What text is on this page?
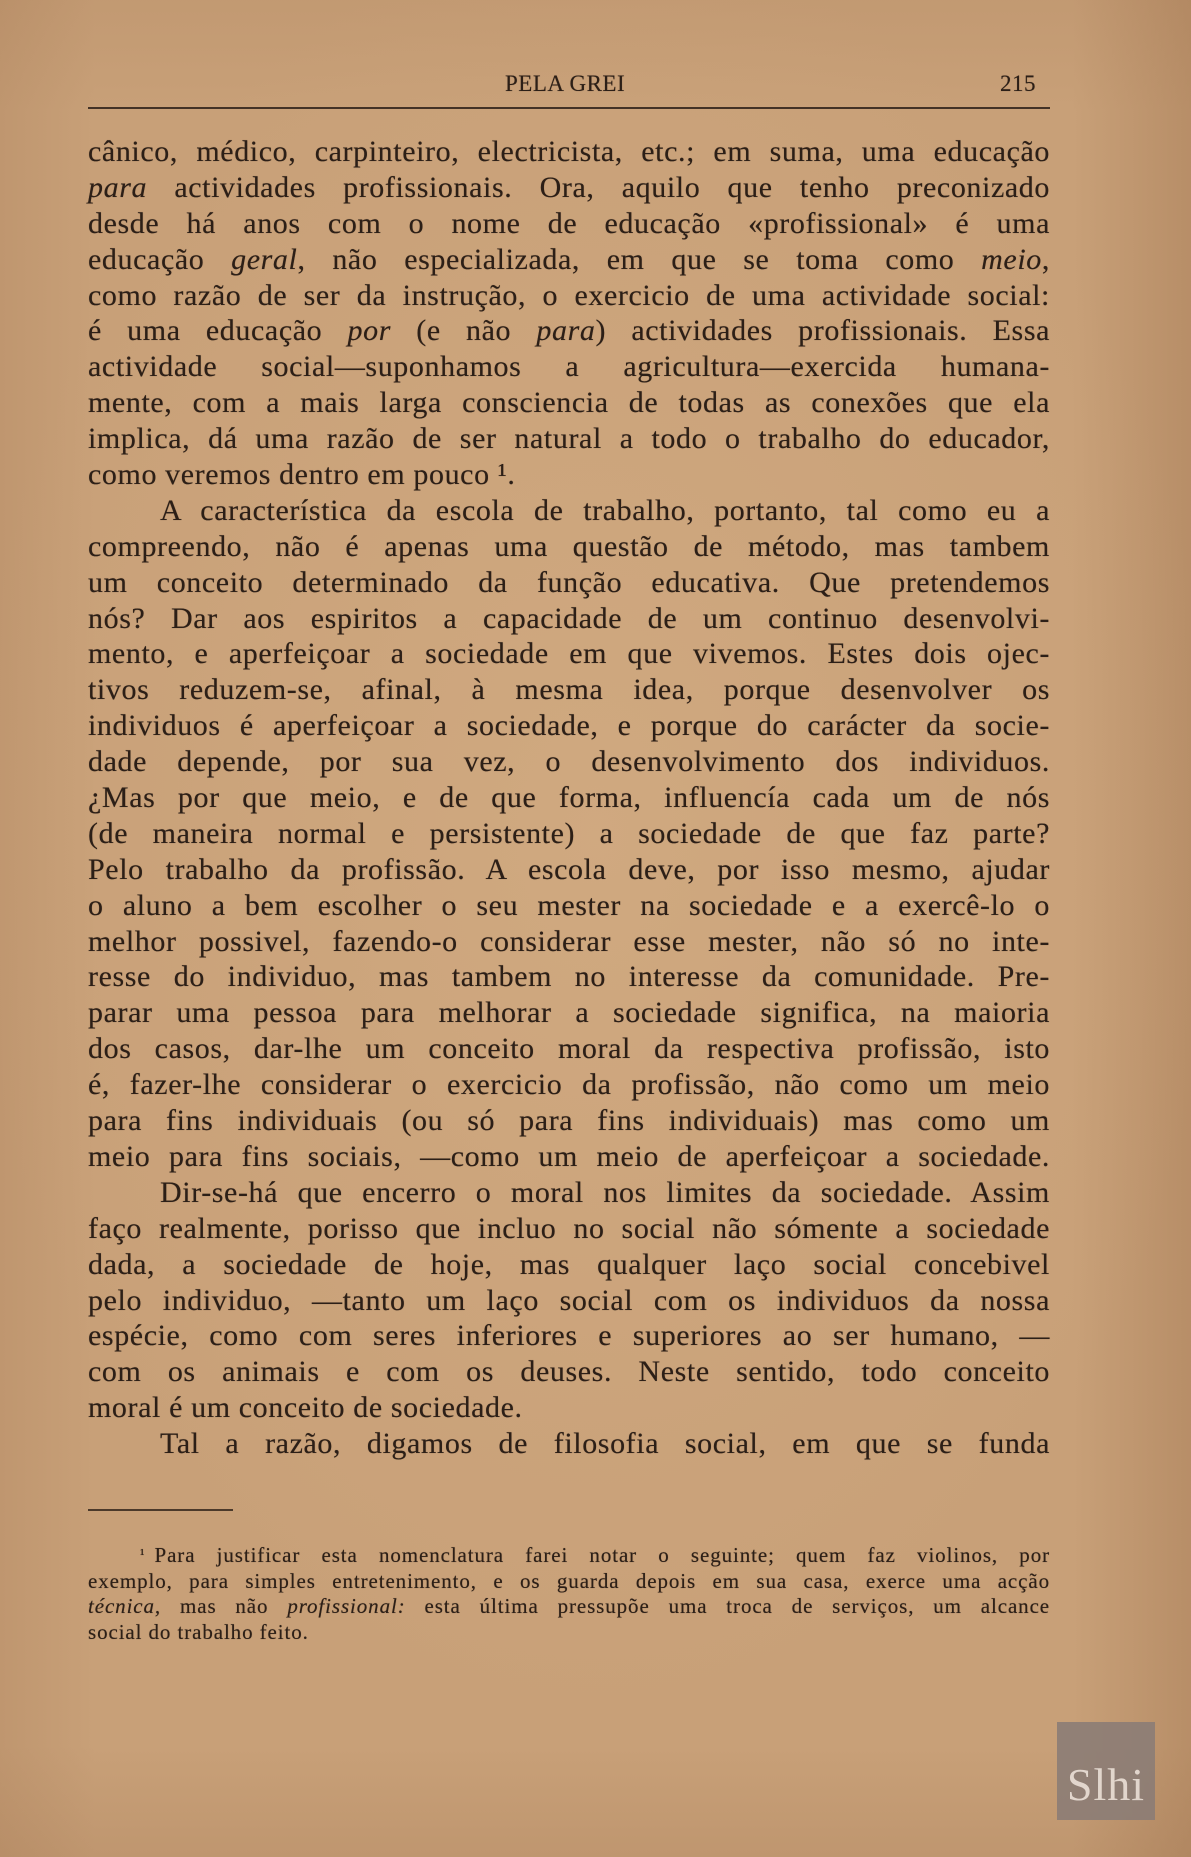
PELA GREI	215
cânico, médico, carpinteiro, electricista, etc.; em suma, uma educação
para actividades profissionais. Ora, aquilo que tenho preconizado
desde há anos com o nome de educação «profissional» é uma
educação geral, não especializada, em que se toma como meio,
como razão de ser da instrução, o exercicio de uma actividade social:
é uma educação por (e não para) actividades profissionais. Essa
actividade social—suponhamos a agricultura—exercida humana-
mente, com a mais larga consciencia de todas as conexões que ela
implica, dá uma razão de ser natural a todo o trabalho do educador,
como veremos dentro em pouco ¹.
A característica da escola de trabalho, portanto, tal como eu a
compreendo, não é apenas uma questão de método, mas tambem
um conceito determinado da função educativa. Que pretendemos
nós? Dar aos espiritos a capacidade de um continuo desenvolvi-
mento, e aperfeiçoar a sociedade em que vivemos. Estes dois ojec-
tivos reduzem-se, afinal, à mesma idea, porque desenvolver os
individuos é aperfeiçoar a sociedade, e porque do carácter da socie-
dade depende, por sua vez, o desenvolvimento dos individuos.
¿Mas por que meio, e de que forma, influencía cada um de nós
(de maneira normal e persistente) a sociedade de que faz parte?
Pelo trabalho da profissão. A escola deve, por isso mesmo, ajudar
o aluno a bem escolher o seu mester na sociedade e a exercê-lo o
melhor possivel, fazendo-o considerar esse mester, não só no inte-
resse do individuo, mas tambem no interesse da comunidade. Pre-
parar uma pessoa para melhorar a sociedade significa, na maioria
dos casos, dar-lhe um conceito moral da respectiva profissão, isto
é, fazer-lhe considerar o exercicio da profissão, não como um meio
para fins individuais (ou só para fins individuais) mas como um
meio para fins sociais, —como um meio de aperfeiçoar a sociedade.
Dir-se-há que encerro o moral nos limites da sociedade. Assim
faço realmente, porisso que incluo no social não sómente a sociedade
dada, a sociedade de hoje, mas qualquer laço social concebivel
pelo individuo, —tanto um laço social com os individuos da nossa
espécie, como com seres inferiores e superiores ao ser humano, —
com os animais e com os deuses. Neste sentido, todo conceito
moral é um conceito de sociedade.
Tal a razão, digamos de filosofia social, em que se funda
¹ Para justificar esta nomenclatura farei notar o seguinte; quem faz violinos, por
exemplo, para simples entretenimento, e os guarda depois em sua casa, exerce uma acção
técnica, mas não profissional: esta última pressupõe uma troca de serviços, um alcance
social do trabalho feito.
Slhi
